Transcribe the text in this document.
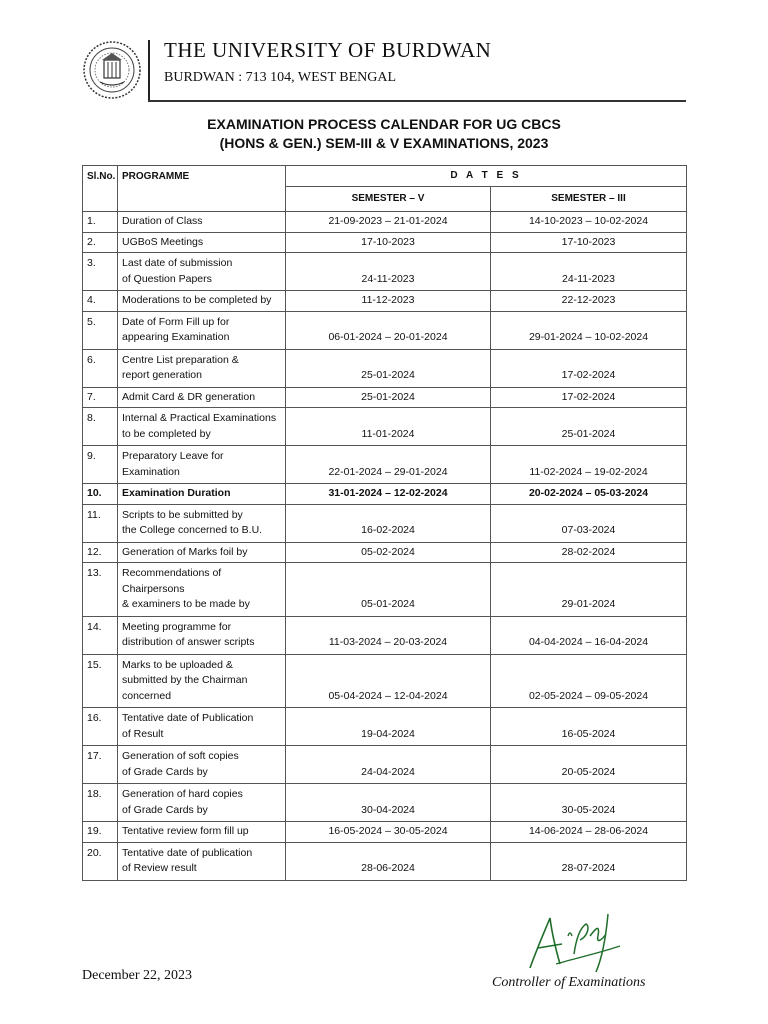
THE UNIVERSITY OF BURDWAN
BURDWAN : 713 104, WEST BENGAL
EXAMINATION PROCESS CALENDAR FOR UG CBCS
(HONS & GEN.) SEM-III & V EXAMINATIONS, 2023
Sl.No.	PROGRAMME	D A T E S	
		SEMESTER – V	SEMESTER – III
1.	Duration of Class	21-09-2023 – 21-01-2024	14-10-2023 – 10-02-2024
2.	UGBoS Meetings	17-10-2023	17-10-2023
3.	Last date of submission
of Question Papers	24-11-2023	24-11-2023
4.	Moderations to be completed by	11-12-2023	22-12-2023
5.	Date of Form Fill up for
appearing Examination	06-01-2024 – 20-01-2024	29-01-2024 – 10-02-2024
6.	Centre List preparation &
report generation	25-01-2024	17-02-2024
7.	Admit Card & DR generation	25-01-2024	17-02-2024
8.	Internal & Practical Examinations
to be completed by	11-01-2024	25-01-2024
9.	Preparatory Leave for
Examination	22-01-2024 – 29-01-2024	11-02-2024 – 19-02-2024
10.	Examination Duration	31-01-2024 – 12-02-2024	20-02-2024 – 05-03-2024
11.	Scripts to be submitted by
the College concerned to B.U.	16-02-2024	07-03-2024
12.	Generation of Marks foil by	05-02-2024	28-02-2024
13.	Recommendations of Chairpersons
& examiners to be made by	05-01-2024	29-01-2024
14.	Meeting programme for
distribution of answer scripts	11-03-2024 – 20-03-2024	04-04-2024 – 16-04-2024
15.	Marks to be uploaded &
submitted by the Chairman
concerned	05-04-2024 – 12-04-2024	02-05-2024 – 09-05-2024
16.	Tentative date of Publication
of Result	19-04-2024	16-05-2024
17.	Generation of soft copies
of Grade Cards by	24-04-2024	20-05-2024
18.	Generation of hard copies
of Grade Cards by	30-04-2024	30-05-2024
19.	Tentative review form fill up	16-05-2024 – 30-05-2024	14-06-2024 – 28-06-2024
20.	Tentative date of publication
of Review result	28-06-2024	28-07-2024
December 22, 2023	Controller of Examinations
